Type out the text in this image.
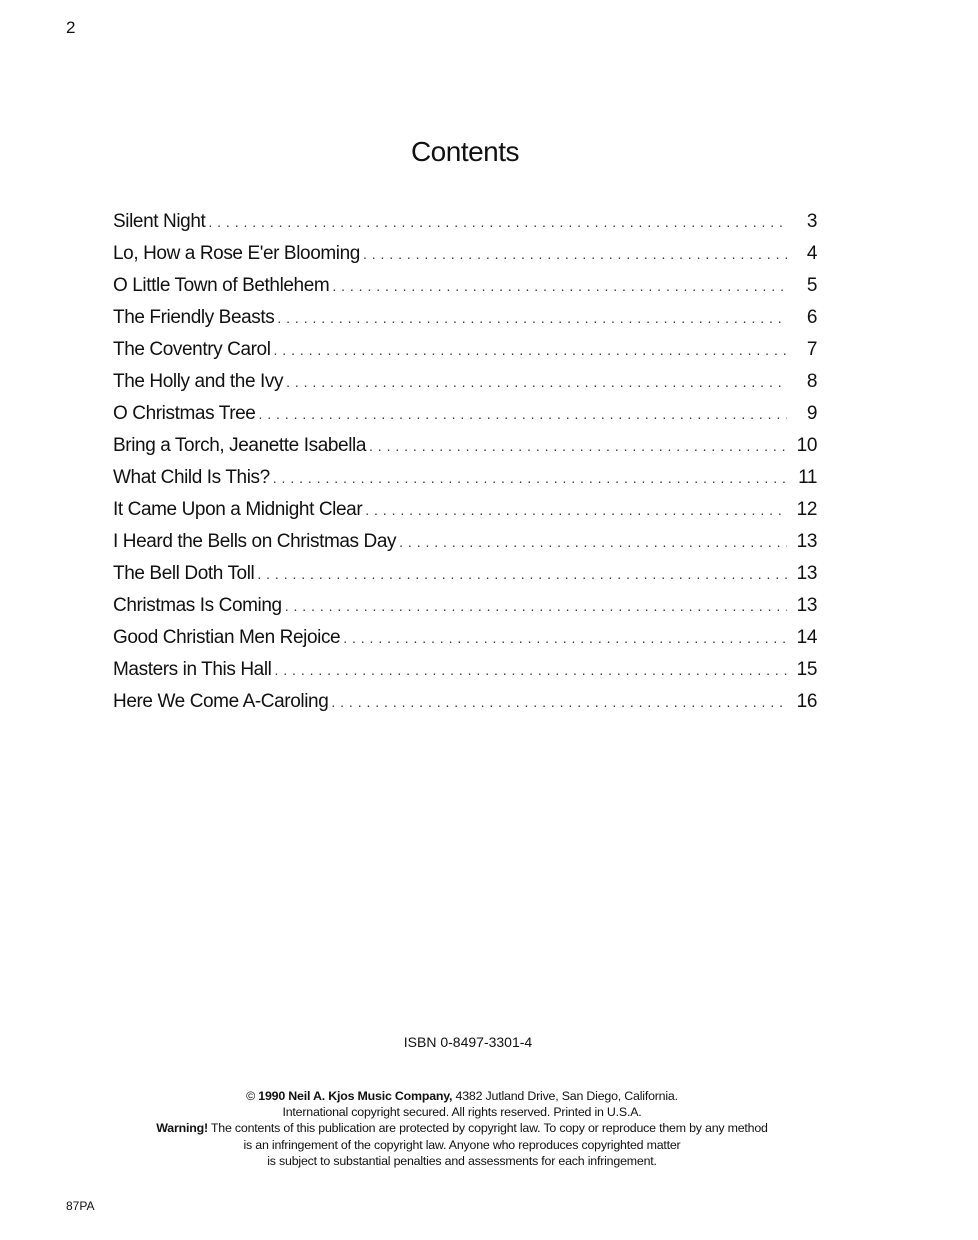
2
Contents
Silent Night . . .	3
Lo, How a Rose E'er Blooming . . .	4
O Little Town of Bethlehem . . .	5
The Friendly Beasts . . .	6
The Coventry Carol . . .	7
The Holly and the Ivy . . .	8
O Christmas Tree . . .	9
Bring a Torch, Jeanette Isabella . . .	10
What Child Is This? . . .	11
It Came Upon a Midnight Clear . . .	12
I Heard the Bells on Christmas Day . . .	13
The Bell Doth Toll . . .	13
Christmas Is Coming . . .	13
Good Christian Men Rejoice . . .	14
Masters in This Hall . . .	15
Here We Come A-Caroling . . .	16
ISBN 0-8497-3301-4
© 1990 Neil A. Kjos Music Company, 4382 Jutland Drive, San Diego, California.
International copyright secured. All rights reserved. Printed in U.S.A.
Warning! The contents of this publication are protected by copyright law. To copy or reproduce them by any method
is an infringement of the copyright law. Anyone who reproduces copyrighted matter
is subject to substantial penalties and assessments for each infringement.
87PA
